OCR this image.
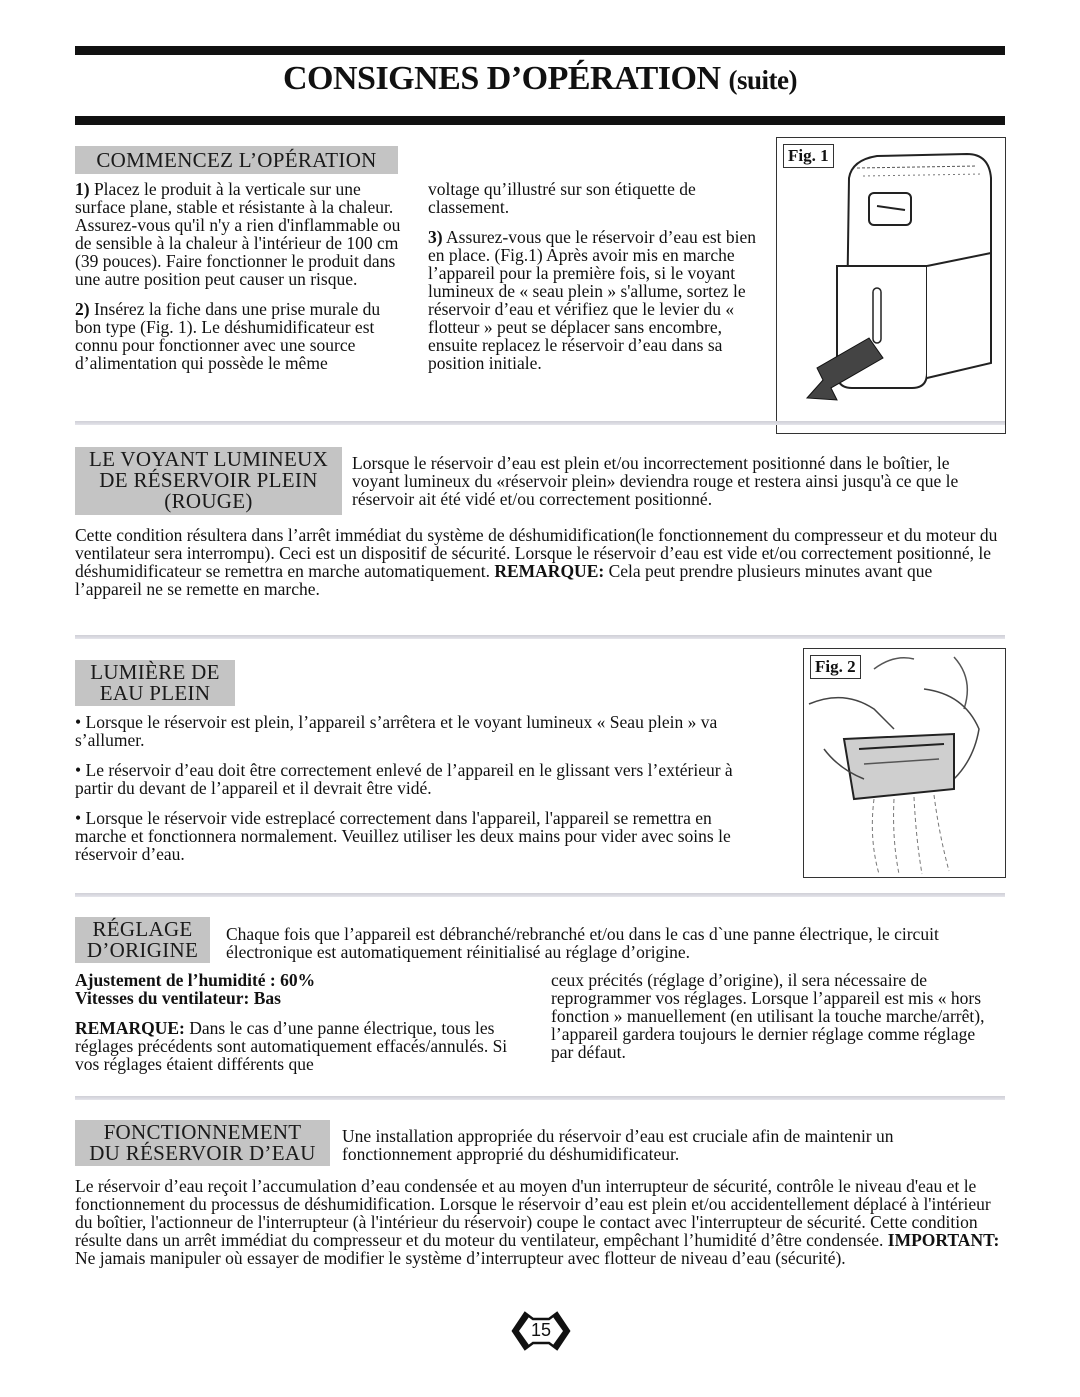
CONSIGNES D’OPÉRATION (suite)
COMMENCEZ L’OPÉRATION

1) Placez le produit à la verticale sur une surface plane, stable et résistante à la chaleur. Assurez-vous qu'il n'y a rien d'inflammable ou de sensible à la chaleur à l'intérieur de 100 cm (39 pouces). Faire fonctionner le produit dans une autre position peut causer un risque.

2) Insérez la fiche dans une prise murale du bon type (Fig. 1). Le déshumidificateur est connu pour fonctionner avec une source d’alimentation qui possède le même

voltage qu’illustré sur son étiquette de classement.

3) Assurez-vous que le réservoir d’eau est bien en place. (Fig.1) Après avoir mis en marche l’appareil pour la première fois, si le voyant lumineux de « seau plein » s'allume, sortez le réservoir d’eau et vérifiez que le levier du « flotteur » peut se déplacer sans encombre, ensuite replacez le réservoir d’eau dans sa position initiale.

Fig. 1
LE VOYANT LUMINEUX
DE RÉSERVOIR PLEIN
(ROUGE)
Lorsque le réservoir d’eau est plein et/ou incorrectement positionné dans le boîtier, le voyant lumineux du «réservoir plein» deviendra rouge et restera ainsi jusqu'à ce que le réservoir ait été vidé et/ou correctement positionné.
Cette condition résultera dans l’arrêt immédiat du système de déshumidification(le fonctionnement du compresseur et du moteur du ventilateur sera interrompu). Ceci est un dispositif de sécurité. Lorsque le réservoir d’eau est vide et/ou correctement positionné, le déshumidificateur se remettra en marche automatiquement. REMARQUE: Cela peut prendre plusieurs minutes avant que l’appareil ne se remette en marche.
LUMIÈRE DE
EAU PLEIN

• Lorsque le réservoir est plein, l’appareil s’arrêtera et le voyant lumineux « Seau plein » va s’allumer.

• Le réservoir d’eau doit être correctement enlevé de l’appareil en le glissant vers l’extérieur à partir du devant de l’appareil et il devrait être vidé.

• Lorsque le réservoir vide estreplacé correctement dans l'appareil, l'appareil se remettra en marche et fonctionnera normalement. Veuillez utiliser les deux mains pour vider avec soins le réservoir d’eau.

Fig. 2
RÉGLAGE
D’ORIGINE
Chaque fois que l’appareil est débranché/rebranché et/ou dans le cas d`une panne électrique, le circuit électronique est automatiquement réinitialisé au réglage d’origine.
Ajustement de l’humidité : 60%
Vitesses du ventilateur: Bas
REMARQUE: Dans le cas d’une panne électrique, tous les réglages précédents sont automatiquement effacés/annulés. Si vos réglages étaient différents que
ceux précités (réglage d’origine), il sera nécessaire de reprogrammer vos réglages. Lorsque l’appareil est mis « hors fonction » manuellement (en utilisant la touche marche/arrêt), l’appareil gardera toujours le dernier réglage comme réglage par défaut.
FONCTIONNEMENT
DU RÉSERVOIR D’EAU
Une installation appropriée du réservoir d’eau est cruciale afin de maintenir un fonctionnement approprié du déshumidificateur.
Le réservoir d’eau reçoit l’accumulation d’eau condensée et au moyen d'un interrupteur de sécurité, contrôle le niveau d'eau et le fonctionnement du processus de déshumidification. Lorsque le réservoir d’eau est plein et/ou accidentellement déplacé à l'intérieur du boîtier, l'actionneur de l'interrupteur (à l'intérieur du réservoir) coupe le contact avec l'interrupteur de sécurité. Cette condition résulte dans un arrêt immédiat du compresseur et du moteur du ventilateur, empêchant l’humidité d’être condensée. IMPORTANT: Ne jamais manipuler où essayer de modifier le système d’interrupteur avec flotteur de niveau d’eau (sécurité).
15
